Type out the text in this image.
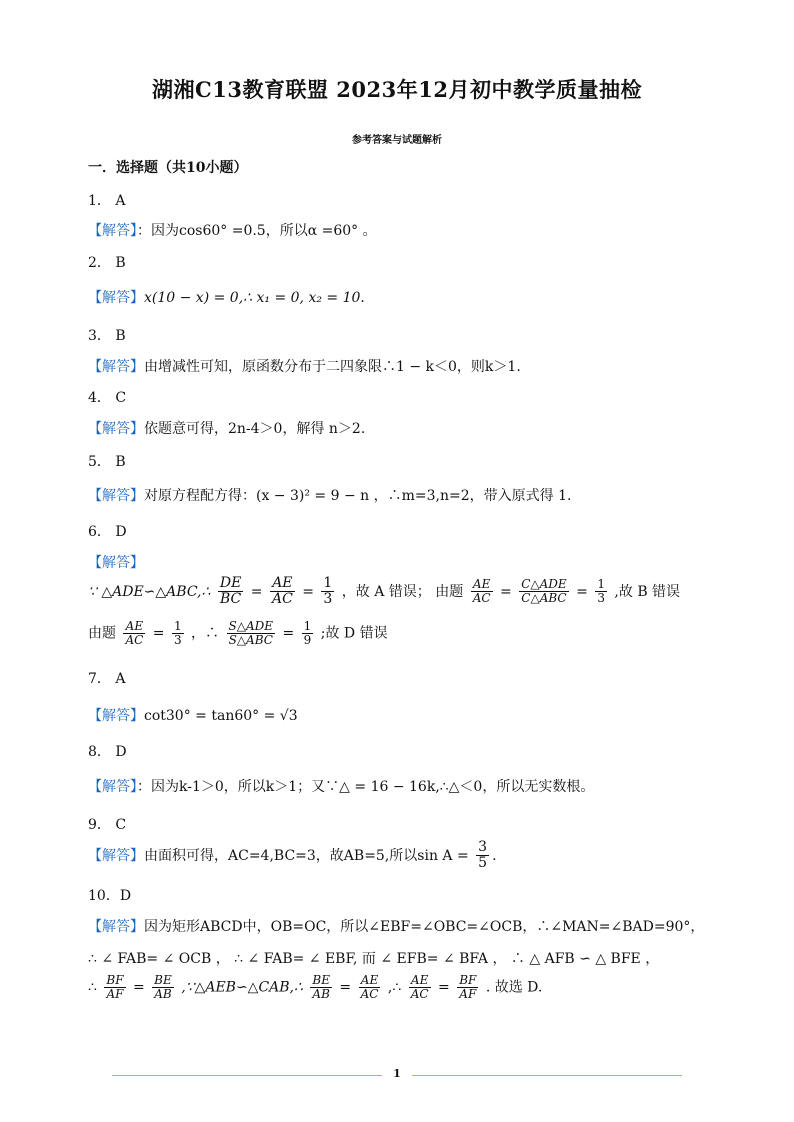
湖湘C13教育联盟 2023年12月初中教学质量抽检
参考答案与试题解析
一．选择题（共10小题）
1． A
【解答】：因为cos60° =0.5，所以α =60° 。
2． B
【解答】x(10 − x) = 0,∴ x₁ = 0, x₂ = 10.
3． B
【解答】由增减性可知，原函数分布于二四象限∴1 − k＜0，则k＞1.
4． C
【解答】依题意可得，2n-4＞0，解得 n＞2.
5． B
【解答】对原方程配方得：(x − 3)² = 9 − n ，∴m=3,n=2，带入原式得 1.
6． D
【解答】
∵ △ADE∽△ABC,∴ $\frac{DE}{BC} = \frac{AE}{AC} = \frac{1}{3}$ ，故 A 错误； 由题 $\frac{AE}{AC} = \frac{\text{C△ADE}}{\text{C△ABC}} = \frac{1}{3}$ ,故 B 错误
由题 $\frac{AE}{AC} = \frac{1}{3}$ ，∴ $\frac{\text{S△ADE}}{\text{S△ABC}} = \frac{1}{9}$ ;故 D 错误
7． A
【解答】cot30° = tan60° = √3
8． D
【解答】：因为k-1＞0，所以k＞1；又∵△ = 16 − 16k,∴△＜0，所以无实数根。
9． C
【解答】由面积可得，AC=4,BC=3，故AB=5,所以$\sin A = \frac{3}{5}$ .
10．D
【解答】因为矩形ABCD中，OB=OC，所以∠EBF=∠OBC=∠OCB，∴∠MAN=∠BAD=90°，
∴ ∠ FAB= ∠ OCB ， ∴ ∠ FAB= ∠ EBF, 而 ∠ EFB= ∠ BFA ， ∴ △ AFB ∽ △ BFE ，
∴ $\frac{BF}{AF} = \frac{BE}{AB}$ ,∵△AEB∽△CAB,∴ $\frac{BE}{AB} = \frac{AE}{AC}$ ,∴ $\frac{AE}{AC} = \frac{BF}{AF}$ . 故选 D.
1
